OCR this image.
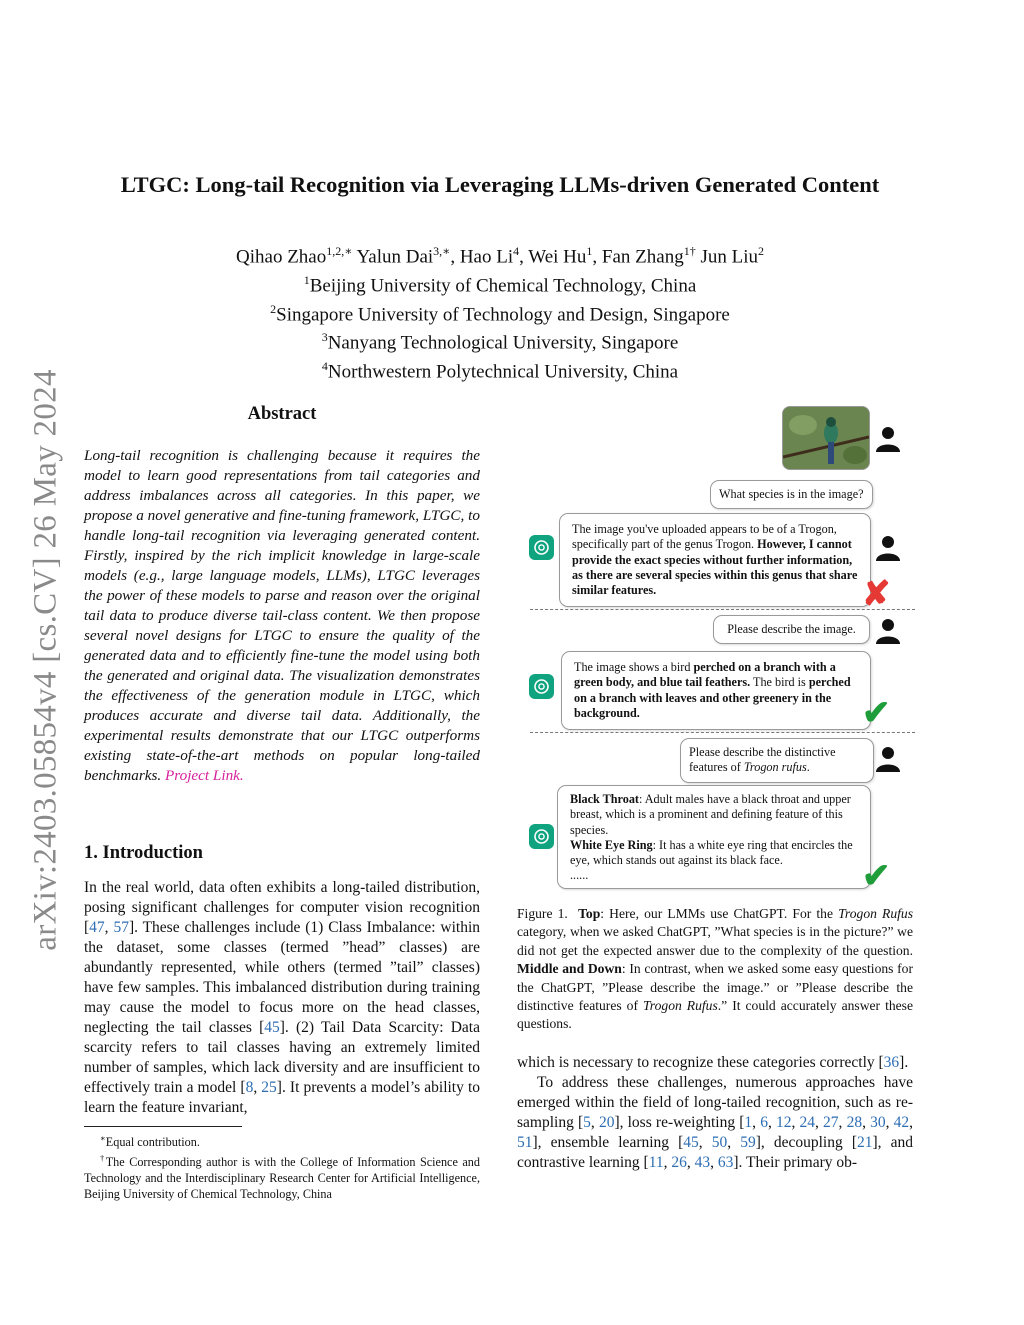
arXiv:2403.05854v4 [cs.CV] 26 May 2024
LTGC: Long-tail Recognition via Leveraging LLMs-driven Generated Content
Qihao Zhao$^{1,2,∗}$ Yalun Dai$^{3,∗}$, Hao Li$^4$, Wei Hu$^1$, Fan Zhang$^{1\dagger}$ Jun Liu$^2$
$^1$Beijing University of Chemical Technology, China
$^2$Singapore University of Technology and Design, Singapore
$^3$Nanyang Technological University, Singapore
$^4$Northwestern Polytechnical University, China
Abstract
Long-tail recognition is challenging because it requires the model to learn good representations from tail categories and address imbalances across all categories. In this paper, we propose a novel generative and fine-tuning framework, LTGC, to handle long-tail recognition via leveraging generated content. Firstly, inspired by the rich implicit knowledge in large-scale models (e.g., large language models, LLMs), LTGC leverages the power of these models to parse and reason over the original tail data to produce diverse tail-class content. We then propose several novel designs for LTGC to ensure the quality of the generated data and to efficiently fine-tune the model using both the generated and original data. The visualization demonstrates the effectiveness of the generation module in LTGC, which produces accurate and diverse tail data. Additionally, the experimental results demonstrate that our LTGC outperforms existing state-of-the-art methods on popular long-tailed benchmarks. Project Link.
1. Introduction
In the real world, data often exhibits a long-tailed distribution, posing significant challenges for computer vision recognition [47, 57]. These challenges include (1) Class Imbalance: within the dataset, some classes (termed ”head” classes) are abundantly represented, while others (termed ”tail” classes) have few samples. This imbalanced distribution during training may cause the model to focus more on the head classes, neglecting the tail classes [45]. (2) Tail Data Scarcity: Data scarcity refers to tail classes having an extremely limited number of samples, which lack diversity and are insufficient to effectively train a model [8, 25]. It prevents a model’s ability to learn the feature invariant,
∗Equal contribution.
†The Corresponding author is with the College of Information Science and Technology and the Interdisciplinary Research Center for Artificial Intelligence, Beijing University of Chemical Technology, China
What species is in the image?
The image you've uploaded appears to be of a Trogon, specifically part of the genus Trogon. However, I cannot provide the exact species without further information, as there are several species within this genus that share similar features.	✘
Please describe the image.
The image shows a bird perched on a branch with a green body, and blue tail feathers. The bird is perched on a branch with leaves and other greenery in the background.	✔
Please describe the distinctive features of Trogon rufus.
Black Throat: Adult males have a black throat and upper breast, which is a prominent and defining feature of this species.
White Eye Ring: It has a white eye ring that encircles the eye, which stands out against its black face.
......	✔
Figure 1. Top: Here, our LMMs use ChatGPT. For the Trogon Rufus category, when we asked ChatGPT, ”What species is in the picture?” we did not get the expected answer due to the complexity of the question. Middle and Down: In contrast, when we asked some easy questions for the ChatGPT, ”Please describe the image.” or ”Please describe the distinctive features of Trogon Rufus.” It could accurately answer these questions.

which is necessary to recognize these categories correctly [36].

To address these challenges, numerous approaches have emerged within the field of long-tailed recognition, such as re-sampling [5, 20], loss re-weighting [1, 6, 12, 24, 27, 28, 30, 42, 51], ensemble learning [45, 50, 59], decoupling [21], and contrastive learning [11, 26, 43, 63]. Their primary ob-
